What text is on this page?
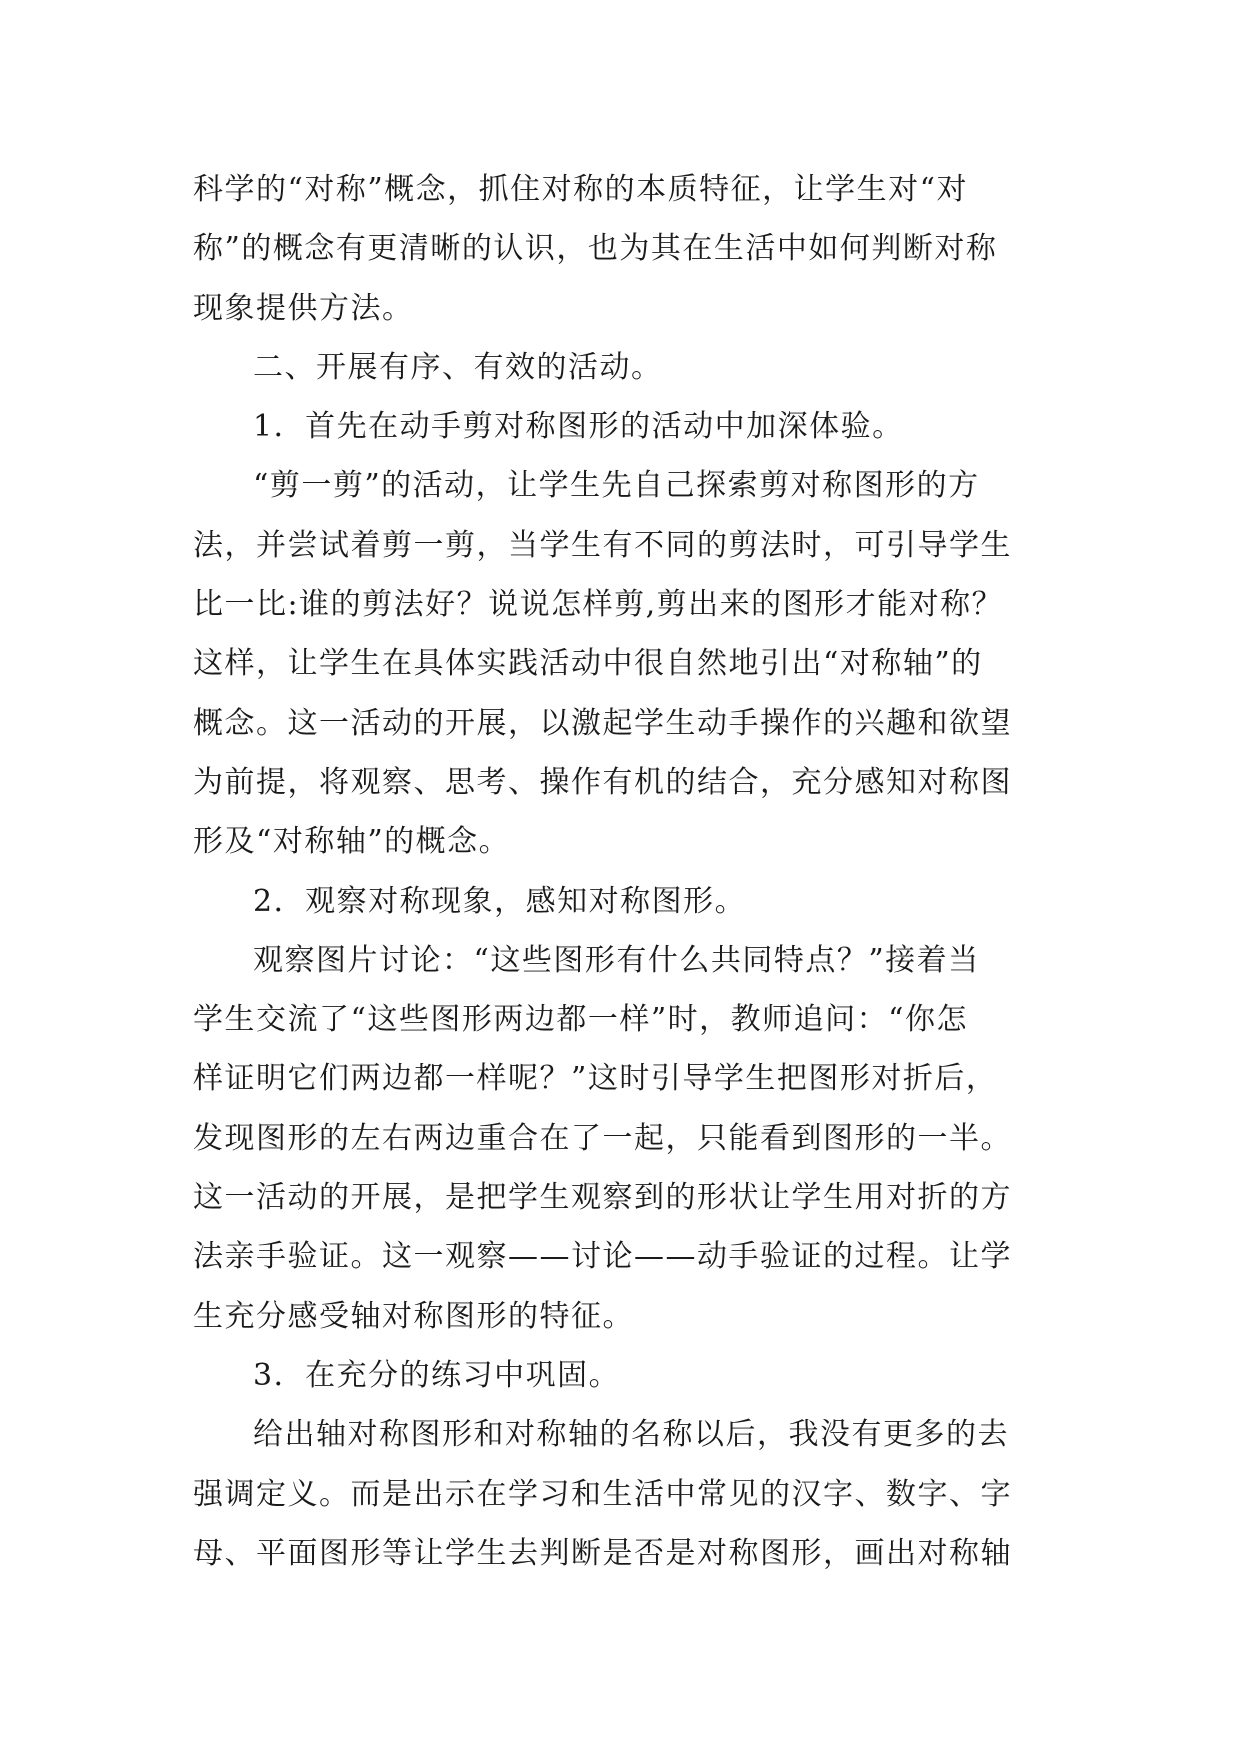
科学的“对称”概念，抓住对称的本质特征，让学生对“对
称”的概念有更清晰的认识，也为其在生活中如何判断对称
现象提供方法。
二、开展有序、有效的活动。
1．首先在动手剪对称图形的活动中加深体验。
“剪一剪”的活动，让学生先自己探索剪对称图形的方
法，并尝试着剪一剪，当学生有不同的剪法时，可引导学生
比一比:谁的剪法好？说说怎样剪,剪出来的图形才能对称？
这样，让学生在具体实践活动中很自然地引出“对称轴”的
概念。这一活动的开展，以激起学生动手操作的兴趣和欲望
为前提，将观察、思考、操作有机的结合，充分感知对称图
形及“对称轴”的概念。
2．观察对称现象，感知对称图形。
观察图片讨论：“这些图形有什么共同特点？”接着当
学生交流了“这些图形两边都一样”时，教师追问：“你怎
样证明它们两边都一样呢？”这时引导学生把图形对折后，
发现图形的左右两边重合在了一起，只能看到图形的一半。
这一活动的开展，是把学生观察到的形状让学生用对折的方
法亲手验证。这一观察——讨论——动手验证的过程。让学
生充分感受轴对称图形的特征。
3．在充分的练习中巩固。
给出轴对称图形和对称轴的名称以后，我没有更多的去
强调定义。而是出示在学习和生活中常见的汉字、数字、字
母、平面图形等让学生去判断是否是对称图形，画出对称轴
